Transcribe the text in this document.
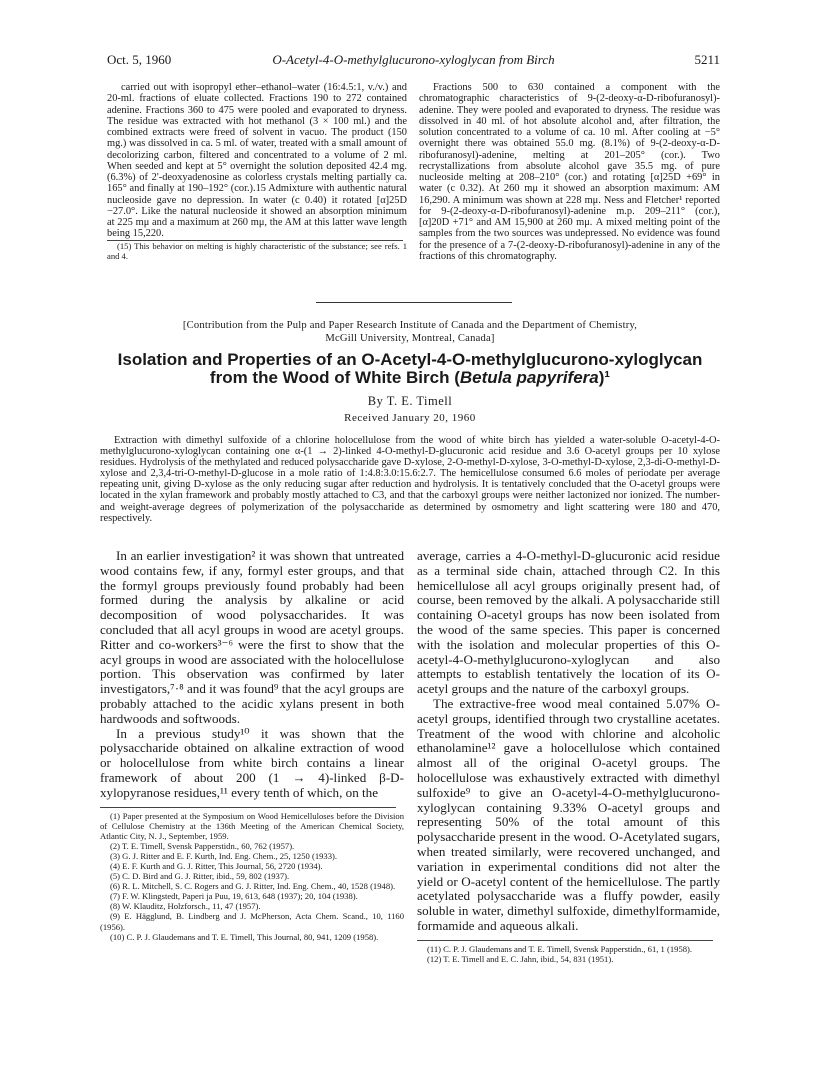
Oct. 5, 1960	O-Acetyl-4-O-methylglucurono-xyloglycan from Birch	5211
carried out with isopropyl ether–ethanol–water (16:4.5:1, v./v.) and 20-ml. fractions of eluate collected. Fractions 190 to 272 contained adenine. Fractions 360 to 475 were pooled and evaporated to dryness. The residue was extracted with hot methanol (3 × 100 ml.) and the combined extracts were freed of solvent in vacuo. The product (150 mg.) was dissolved in ca. 5 ml. of water, treated with a small amount of decolorizing carbon, filtered and concentrated to a volume of 2 ml. When seeded and kept at 5° overnight the solution deposited 42.4 mg. (6.3%) of 2'-deoxyadenosine as colorless crystals melting partially ca. 165° and finally at 190–192° (cor.).15 Admixture with authentic natural nucleoside gave no depression. In water (c 0.40) it rotated [α]25D −27.0°. Like the natural nucleoside it showed an absorption minimum at 225 mμ and a maximum at 260 mμ, the AM at this latter wave length being 15,220.
(15) This behavior on melting is highly characteristic of the substance; see refs. 1 and 4.
Fractions 500 to 630 contained a component with the chromatographic characteristics of 9-(2-deoxy-α-D-ribofuranosyl)-adenine. They were pooled and evaporated to dryness. The residue was dissolved in 40 ml. of hot absolute alcohol and, after filtration, the solution concentrated to a volume of ca. 10 ml. After cooling at −5° overnight there was obtained 55.0 mg. (8.1%) of 9-(2-deoxy-α-D-ribofuranosyl)-adenine, melting at 201–205° (cor.). Two recrystallizations from absolute alcohol gave 35.5 mg. of pure nucleoside melting at 208–210° (cor.) and rotating [α]25D +69° in water (c 0.32). At 260 mμ it showed an absorption maximum: AM 16,290. A minimum was shown at 228 mμ. Ness and Fletcher¹ reported for 9-(2-deoxy-α-D-ribofuranosyl)-adenine m.p. 209–211° (cor.), [α]20D +71° and AM 15,900 at 260 mμ. A mixed melting point of the samples from the two sources was undepressed. No evidence was found for the presence of a 7-(2-deoxy-D-ribofuranosyl)-adenine in any of the fractions of this chromatography.
[Contribution from the Pulp and Paper Research Institute of Canada and the Department of Chemistry,
McGill University, Montreal, Canada]
Isolation and Properties of an O-Acetyl-4-O-methylglucurono-xyloglycan from the Wood of White Birch (Betula papyrifera)¹
By T. E. Timell
Received January 20, 1960
Extraction with dimethyl sulfoxide of a chlorine holocellulose from the wood of white birch has yielded a water-soluble O-acetyl-4-O-methylglucurono-xyloglycan containing one α-(1 → 2)-linked 4-O-methyl-D-glucuronic acid residue and 3.6 O-acetyl groups per 10 xylose residues. Hydrolysis of the methylated and reduced polysaccharide gave D-xylose, 2-O-methyl-D-xylose, 3-O-methyl-D-xylose, 2,3-di-O-methyl-D-xylose and 2,3,4-tri-O-methyl-D-glucose in a mole ratio of 1:4.8:3.0:15.6:2.7. The hemicellulose consumed 6.6 moles of periodate per average repeating unit, giving D-xylose as the only reducing sugar after reduction and hydrolysis. It is tentatively concluded that the O-acetyl groups were located in the xylan framework and probably mostly attached to C3, and that the carboxyl groups were neither lactonized nor ionized. The number- and weight-average degrees of polymerization of the polysaccharide as determined by osmometry and light scattering were 180 and 470, respectively.

In an earlier investigation² it was shown that untreated wood contains few, if any, formyl ester groups, and that the formyl groups previously found probably had been formed during the analysis by alkaline or acid decomposition of wood polysaccharides. It was concluded that all acyl groups in wood are acetyl groups. Ritter and co-workers³⁻⁶ were the first to show that the acyl groups in wood are associated with the holocellulose portion. This observation was confirmed by later investigators,⁷·⁸ and it was found⁹ that the acyl groups are probably attached to the acidic xylans present in both hardwoods and softwoods.

In a previous study¹⁰ it was shown that the polysaccharide obtained on alkaline extraction of wood or holocellulose from white birch contains a linear framework of about 200 (1 → 4)-linked β-D-xylopyranose residues,¹¹ every tenth of which, on the

(1) Paper presented at the Symposium on Wood Hemicelluloses before the Division of Cellulose Chemistry at the 136th Meeting of the American Chemical Society, Atlantic City, N. J., September, 1959.
(2) T. E. Timell, Svensk Papperstidn., 60, 762 (1957).
(3) G. J. Ritter and E. F. Kurth, Ind. Eng. Chem., 25, 1250 (1933).
(4) E. F. Kurth and G. J. Ritter, This Journal, 56, 2720 (1934).
(5) C. D. Bird and G. J. Ritter, ibid., 59, 802 (1937).
(6) R. L. Mitchell, S. C. Rogers and G. J. Ritter, Ind. Eng. Chem., 40, 1528 (1948).
(7) F. W. Klingstedt, Paperi ja Puu, 19, 613, 648 (1937); 20, 104 (1938).
(8) W. Klauditz, Holzforsch., 11, 47 (1957).
(9) E. Hägglund, B. Lindberg and J. McPherson, Acta Chem. Scand., 10, 1160 (1956).
(10) C. P. J. Glaudemans and T. E. Timell, This Journal, 80, 941, 1209 (1958).

average, carries a 4-O-methyl-D-glucuronic acid residue as a terminal side chain, attached through C2. In this hemicellulose all acyl groups originally present had, of course, been removed by the alkali. A polysaccharide still containing O-acetyl groups has now been isolated from the wood of the same species. This paper is concerned with the isolation and molecular properties of this O-acetyl-4-O-methylglucurono-xyloglycan and also attempts to establish tentatively the location of its O-acetyl groups and the nature of the carboxyl groups.

The extractive-free wood meal contained 5.07% O-acetyl groups, identified through two crystalline acetates. Treatment of the wood with chlorine and alcoholic ethanolamine¹² gave a holocellulose which contained almost all of the original O-acetyl groups. The holocellulose was exhaustively extracted with dimethyl sulfoxide⁹ to give an O-acetyl-4-O-methylglucurono-xyloglycan containing 9.33% O-acetyl groups and representing 50% of the total amount of this polysaccharide present in the wood. O-Acetylated sugars, when treated similarly, were recovered unchanged, and variation in experimental conditions did not alter the yield or O-acetyl content of the hemicellulose. The partly acetylated polysaccharide was a fluffy powder, easily soluble in water, dimethyl sulfoxide, dimethylformamide, formamide and aqueous alkali.

(11) C. P. J. Glaudemans and T. E. Timell, Svensk Papperstidn., 61, 1 (1958).
(12) T. E. Timell and E. C. Jahn, ibid., 54, 831 (1951).
